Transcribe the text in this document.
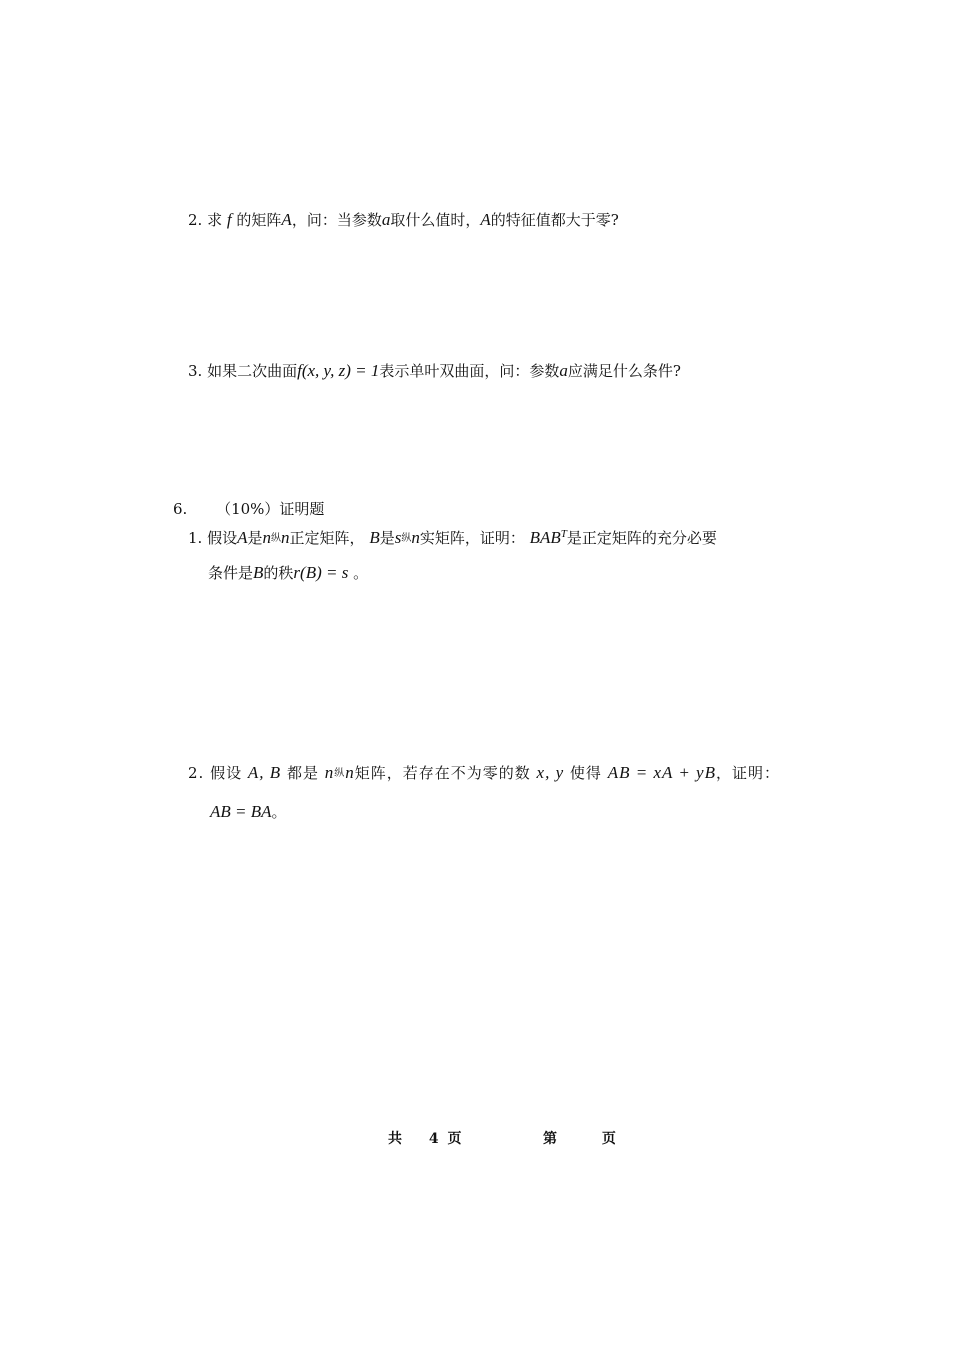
2. 求 f 的矩阵A，问：当参数a取什么值时，A的特征值都大于零?
3. 如果二次曲面f(x, y, z) = 1表示单叶双曲面，问：参数a应满足什么条件?
6. （10%）证明题
1. 假设A是n纵n正定矩阵， B是s纵n实矩阵，证明： $BAB^T$是正定矩阵的充分必要
条件是B的秩r(B) = s 。
2. 假设 A, B 都是 n纵n矩阵，若存在不为零的数 x, y 使得 AB = xA + yB，证明：
AB = BA。
共 4 页	第	页
